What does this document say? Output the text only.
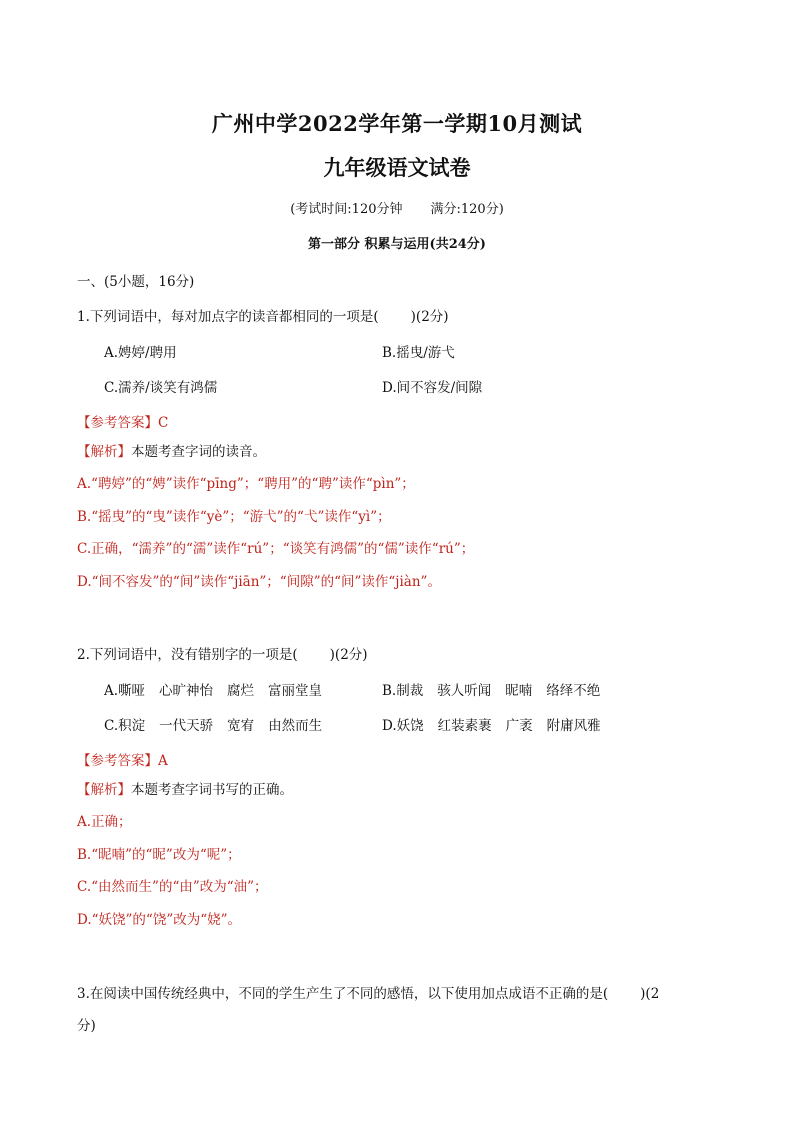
广州中学2022学年第一学期10月测试
九年级语文试卷
(考试时间:120分钟 满分:120分)
第一部分 积累与运用(共24分)
一、(5小题，16分)
1.下列词语中，每对加点字的读音都相同的一项是( )(2分)
A.娉婷/聘用	B.摇曳/游弋
C.濡养/谈笑有鸿儒	D.间不容发/间隙
【参考答案】C
【解析】本题考查字词的读音。
A.“聘婷”的“娉”读作“pīng”；“聘用”的“聘”读作“pìn”；
B.“摇曳”的“曳”读作“yè”；“游弋”的“弋”读作“yì”；
C.正确，“濡养”的“濡”读作“rú”；“谈笑有鸿儒”的“儒”读作“rú”；
D.“间不容发”的“间”读作“jiān”；“间隙”的“间”读作“jiàn”。
2.下列词语中，没有错别字的一项是( )(2分)
A.嘶哑 心旷神怡 腐烂 富丽堂皇	B.制裁 骇人听闻 昵喃 络绎不绝
C.积淀 一代天骄 宽宥 由然而生	D.妖饶 红装素裹 广袤 附庸风雅
【参考答案】A
【解析】本题考查字词书写的正确。
A.正确；
B.“昵喃”的“昵”改为“呢”；
C.“由然而生”的“由”改为“油”；
D.“妖饶”的“饶”改为“娆”。
3.在阅读中国传统经典中，不同的学生产生了不同的感悟，以下使用加点成语不正确的是( )(2
分)
